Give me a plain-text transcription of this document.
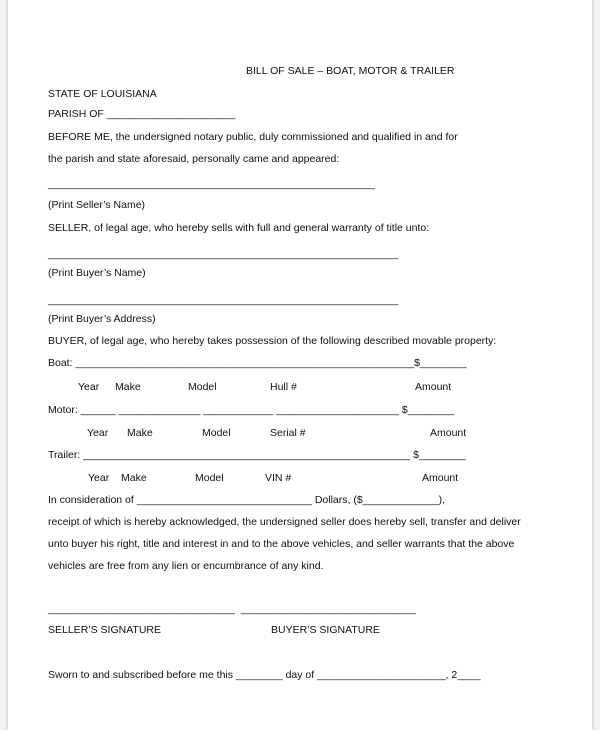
BILL OF SALE – BOAT, MOTOR & TRAILER
STATE OF LOUISIANA
PARISH OF ______________________
BEFORE ME, the undersigned notary public, duly commissioned and qualified in and for
the parish and state aforesaid, personally came and appeared:
________________________________________________________
(Print Seller’s Name)
SELLER, of legal age, who hereby sells with full and general warranty of title unto:
____________________________________________________________
(Print Buyer’s Name)
____________________________________________________________
(Print Buyer’s Address)
BUYER, of legal age, who hereby takes possession of the following described movable property:
Boat: __________________________________________________________$________
Year Make	Model	Hull #	Amount
Motor: ______ ______________ ____________ _____________________ $________
Year Make	Model	Serial #	Amount
Trailer: ________________________________________________________ $________
Year Make	Model	VIN #	Amount
In consideration of ______________________________ Dollars, ($_____________),
receipt of which is hereby acknowledged, the undersigned seller does hereby sell, transfer and deliver
unto buyer his right, title and interest in and to the above vehicles, and seller warrants that the above
vehicles are free from any lien or encumbrance of any kind.
________________________________  ______________________________
SELLER’S SIGNATURE	BUYER’S SIGNATURE
Sworn to and subscribed before me this ________ day of ______________________, 2____
